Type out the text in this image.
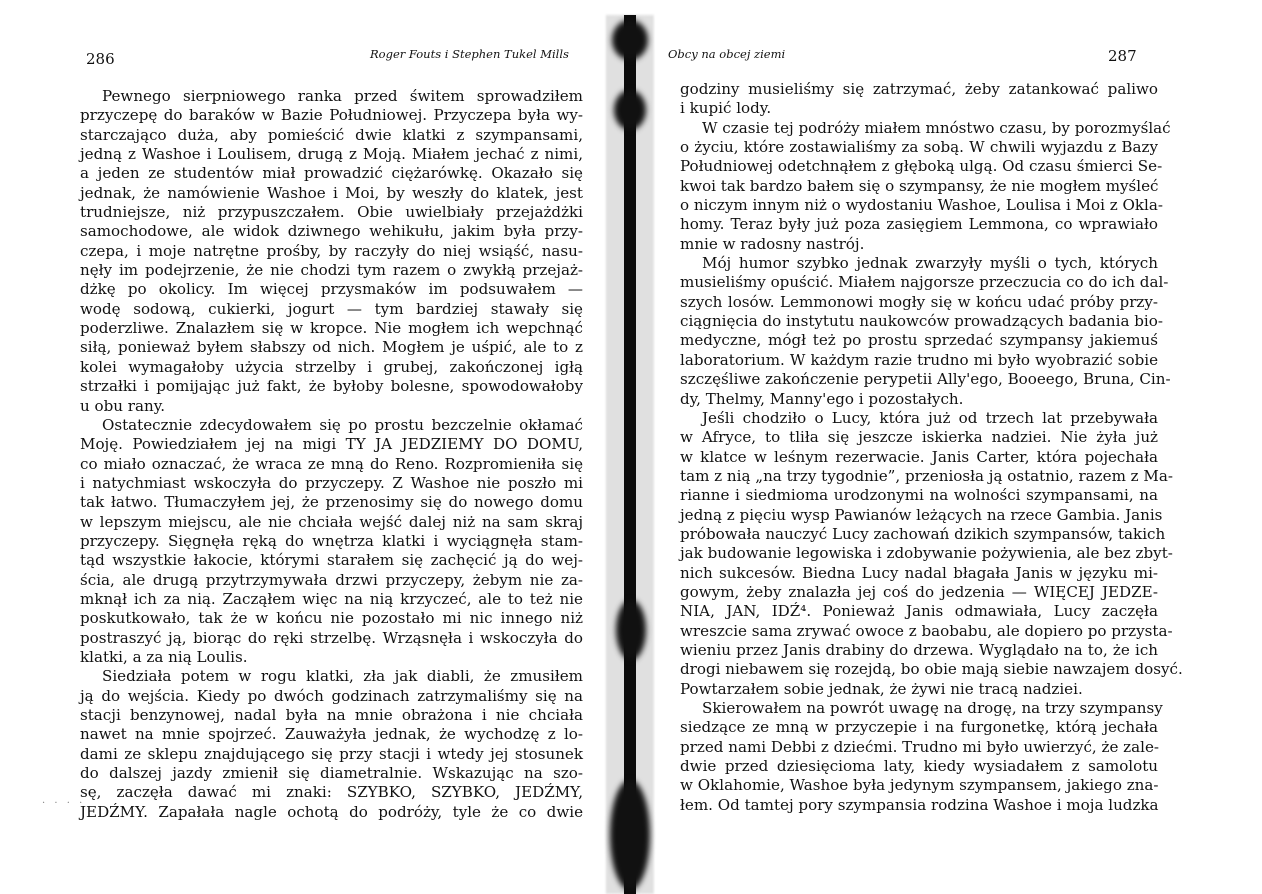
286	Roger Fouts i Stephen Tukel Mills
Pewnego sierpniowego ranka przed świtem sprowadziłem
przyczepę do baraków w Bazie Południowej. Przyczepa była wy-
starczająco duża, aby pomieścić dwie klatki z szympansami,
jedną z Washoe i Loulisem, drugą z Moją. Miałem jechać z nimi,
a jeden ze studentów miał prowadzić ciężarówkę. Okazało się
jednak, że namówienie Washoe i Moi, by weszły do klatek, jest
trudniejsze, niż przypuszczałem. Obie uwielbiały przejażdżki
samochodowe, ale widok dziwnego wehikułu, jakim była przy-
czepa, i moje natrętne prośby, by raczyły do niej wsiąść, nasu-
nęły im podejrzenie, że nie chodzi tym razem o zwykłą przejaż-
dżkę po okolicy. Im więcej przysmaków im podsuwałem —
wodę sodową, cukierki, jogurt — tym bardziej stawały się
poderzliwe. Znalazłem się w kropce. Nie mogłem ich wepchnąć
siłą, ponieważ byłem słabszy od nich. Mogłem je uśpić, ale to z
kolei wymagałoby użycia strzelby i grubej, zakończonej igłą
strzałki i pomijając już fakt, że byłoby bolesne, spowodowałoby
u obu rany.
Ostatecznie zdecydowałem się po prostu bezczelnie okłamać
Moję. Powiedziałem jej na migi TY JA JEDZIEMY DO DOMU,
co miało oznaczać, że wraca ze mną do Reno. Rozpromieniła się
i natychmiast wskoczyła do przyczepy. Z Washoe nie poszło mi
tak łatwo. Tłumaczyłem jej, że przenosimy się do nowego domu
w lepszym miejscu, ale nie chciała wejść dalej niż na sam skraj
przyczepy. Sięgnęła ręką do wnętrza klatki i wyciągnęła stam-
tąd wszystkie łakocie, którymi starałem się zachęcić ją do wej-
ścia, ale drugą przytrzymywała drzwi przyczepy, żebym nie za-
mknął ich za nią. Zacząłem więc na nią krzyczeć, ale to też nie
poskutkowało, tak że w końcu nie pozostało mi nic innego niż
postraszyć ją, biorąc do ręki strzelbę. Wrząsnęła i wskoczyła do
klatki, a za nią Loulis.
Siedziała potem w rogu klatki, zła jak diabli, że zmusiłem
ją do wejścia. Kiedy po dwóch godzinach zatrzymaliśmy się na
stacji benzynowej, nadal była na mnie obrażona i nie chciała
nawet na mnie spojrzeć. Zauważyła jednak, że wychodzę z lo-
dami ze sklepu znajdującego się przy stacji i wtedy jej stosunek
do dalszej jazdy zmienił się diametralnie. Wskazując na szo-
sę, zaczęła dawać mi znaki: SZYBKO, SZYBKO, JEDŹMY,
JEDŹMY. Zapałała nagle ochotą do podróży, tyle że co dwie
· · · ·
Obcy na obcej ziemi	287
godziny musieliśmy się zatrzymać, żeby zatankować paliwo
i kupić lody.
W czasie tej podróży miałem mnóstwo czasu, by porozmyślać
o życiu, które zostawialiśmy za sobą. W chwili wyjazdu z Bazy
Południowej odetchnąłem z głęboką ulgą. Od czasu śmierci Se-
kwoi tak bardzo bałem się o szympansy, że nie mogłem myśleć
o niczym innym niż o wydostaniu Washoe, Loulisa i Moi z Okla-
homy. Teraz były już poza zasięgiem Lemmona, co wprawiało
mnie w radosny nastrój.
Mój humor szybko jednak zwarzyły myśli o tych, których
musieliśmy opuścić. Miałem najgorsze przeczucia co do ich dal-
szych losów. Lemmonowi mogły się w końcu udać próby przy-
ciągnięcia do instytutu naukowców prowadzących badania bio-
medyczne, mógł też po prostu sprzedać szympansy jakiemuś
laboratorium. W każdym razie trudno mi było wyobrazić sobie
szczęśliwe zakończenie perypetii Ally'ego, Booeego, Bruna, Cin-
dy, Thelmy, Manny'ego i pozostałych.
Jeśli chodziło o Lucy, która już od trzech lat przebywała
w Afryce, to tliła się jeszcze iskierka nadziei. Nie żyła już
w klatce w leśnym rezerwacie. Janis Carter, która pojechała
tam z nią „na trzy tygodnie”, przeniosła ją ostatnio, razem z Ma-
rianne i siedmioma urodzonymi na wolności szympansami, na
jedną z pięciu wysp Pawianów leżących na rzece Gambia. Janis
próbowała nauczyć Lucy zachowań dzikich szympansów, takich
jak budowanie legowiska i zdobywanie pożywienia, ale bez zbyt-
nich sukcesów. Biedna Lucy nadal błagała Janis w języku mi-
gowym, żeby znalazła jej coś do jedzenia — WIĘCEJ JEDZE-
NIA, JAN, IDŹ⁴. Ponieważ Janis odmawiała, Lucy zaczęła
wreszcie sama zrywać owoce z baobabu, ale dopiero po przysta-
wieniu przez Janis drabiny do drzewa. Wyglądało na to, że ich
drogi niebawem się rozejdą, bo obie mają siebie nawzajem dosyć.
Powtarzałem sobie jednak, że żywi nie tracą nadziei.
Skierowałem na powrót uwagę na drogę, na trzy szympansy
siedzące ze mną w przyczepie i na furgonetkę, którą jechała
przed nami Debbi z dziećmi. Trudno mi było uwierzyć, że zale-
dwie przed dziesięcioma laty, kiedy wysiadałem z samolotu
w Oklahomie, Washoe była jedynym szympansem, jakiego zna-
łem. Od tamtej pory szympansia rodzina Washoe i moja ludzka
